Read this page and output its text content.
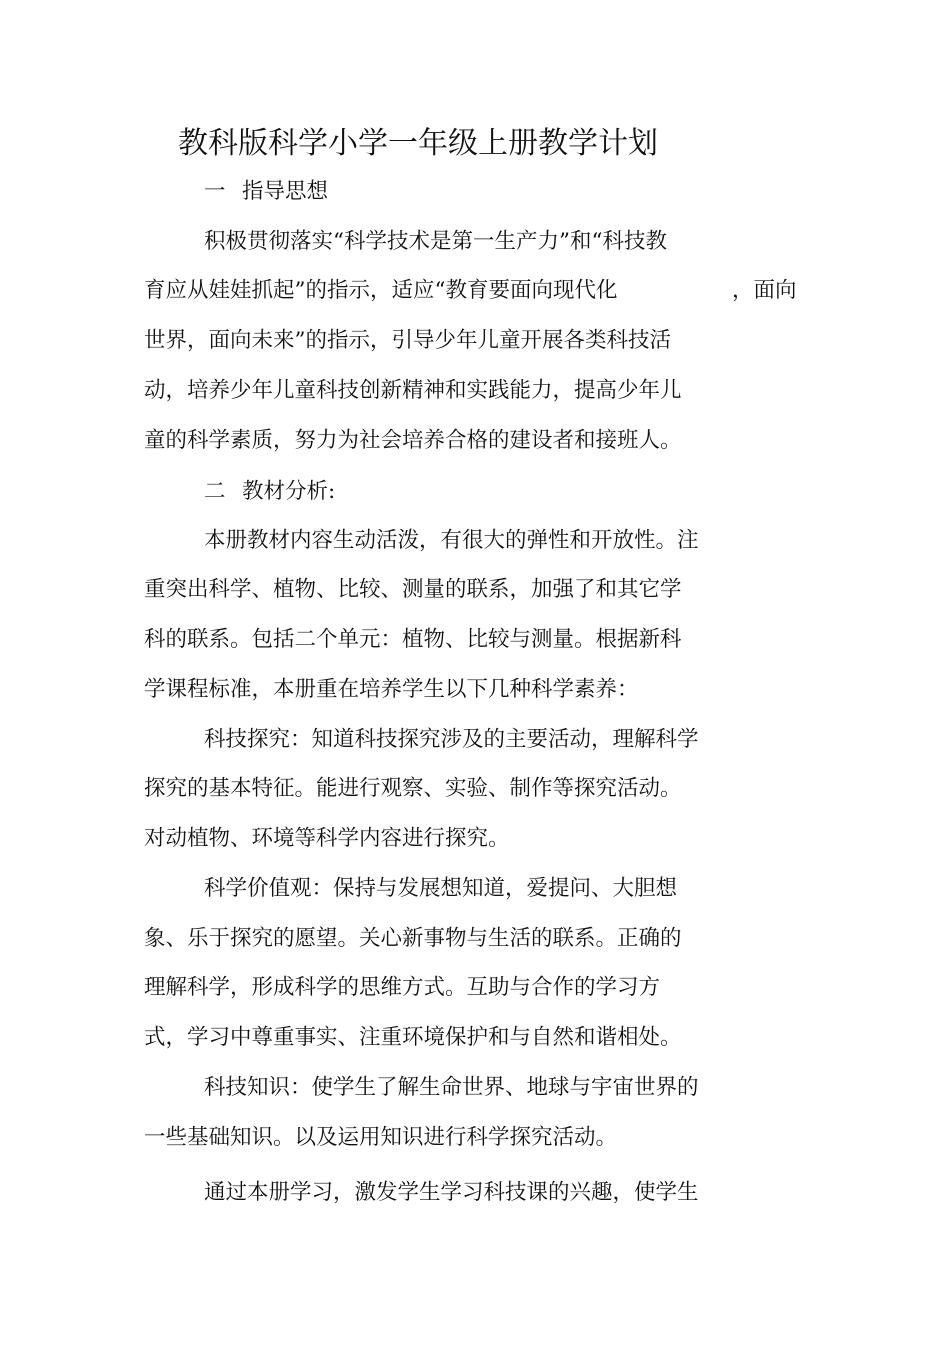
教科版科学小学一年级上册教学计划

一 指导思想

积极贯彻落实“科学技术是第一生产力”和“科技教

育应从娃娃抓起”的指示，适应“教育要面向现代化	，面向

世界，面向未来”的指示，引导少年儿童开展各类科技活

动，培养少年儿童科技创新精神和实践能力，提高少年儿

童的科学素质，努力为社会培养合格的建设者和接班人。

二 教材分析:

本册教材内容生动活泼，有很大的弹性和开放性。注

重突出科学、植物、比较、测量的联系，加强了和其它学

科的联系。包括二个单元：植物、比较与测量。根据新科

学课程标准，本册重在培养学生以下几种科学素养：

科技探究：知道科技探究涉及的主要活动，理解科学

探究的基本特征。能进行观察、实验、制作等探究活动。

对动植物、环境等科学内容进行探究。

科学价值观：保持与发展想知道，爱提问、大胆想

象、乐于探究的愿望。关心新事物与生活的联系。正确的

理解科学，形成科学的思维方式。互助与合作的学习方

式，学习中尊重事实、注重环境保护和与自然和谐相处。

科技知识：使学生了解生命世界、地球与宇宙世界的

一些基础知识。以及运用知识进行科学探究活动。

通过本册学习，激发学生学习科技课的兴趣，使学生
